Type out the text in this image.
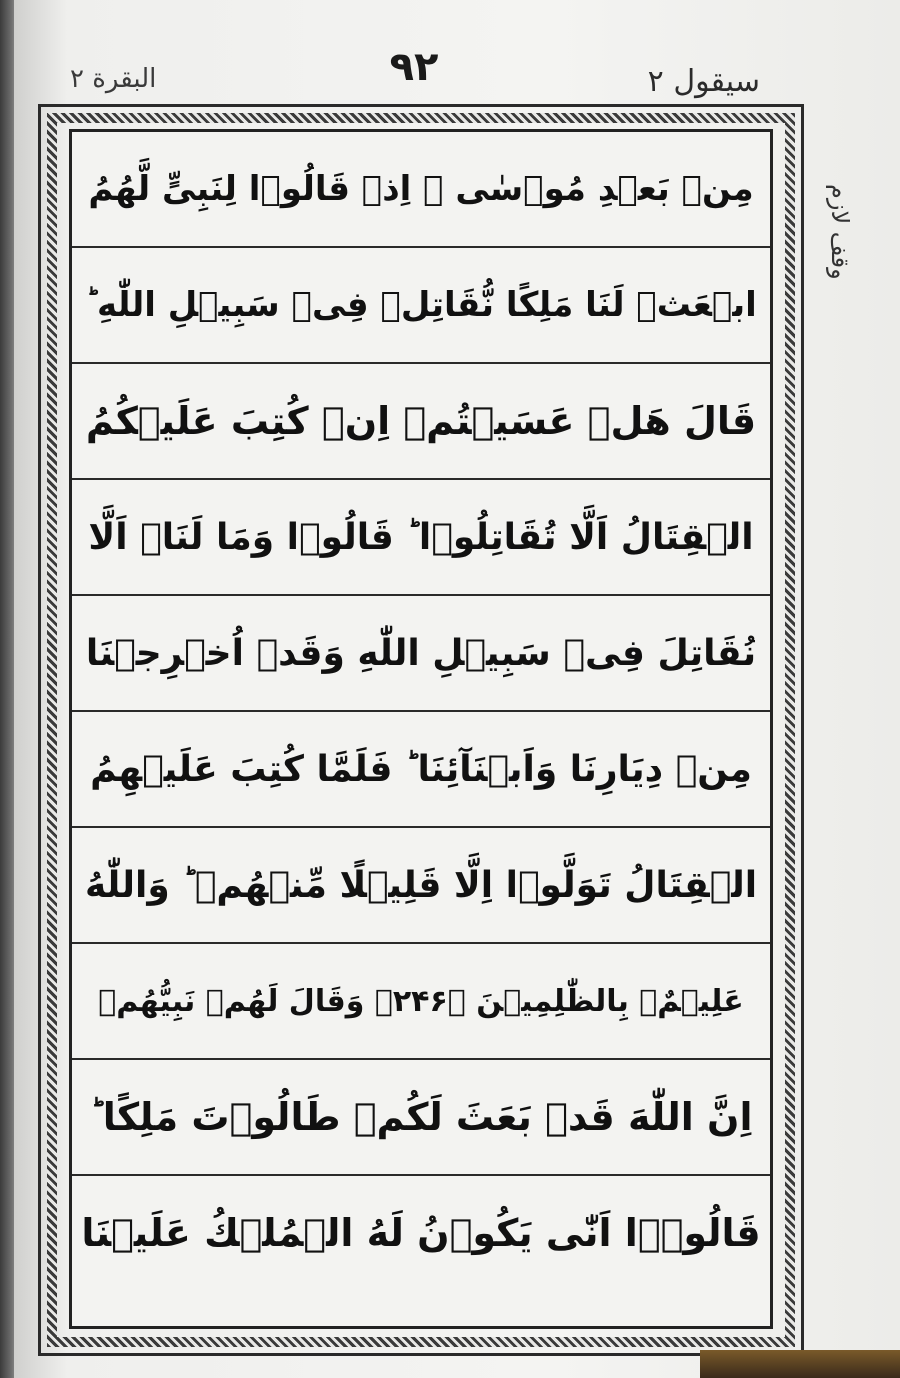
سیقول ٢
٩٢
البقرة ٢
وقف لازم
مِنۡ بَعۡدِ مُوۡسٰی ۘ اِذۡ قَالُوۡا لِنَبِیٍّ لَّهُمُ
ابۡعَثۡ لَنَا مَلِکًا نُّقَاتِلۡ فِیۡ سَبِیۡلِ اللّٰهِ ؕ
قَالَ هَلۡ عَسَیۡتُمۡ اِنۡ كُتِبَ عَلَیۡكُمُ
الۡقِتَالُ اَلَّا تُقَاتِلُوۡا ؕ قَالُوۡا وَمَا لَنَاۤ اَلَّا
نُقَاتِلَ فِیۡ سَبِیۡلِ اللّٰهِ وَقَدۡ اُخۡرِجۡنَا
مِنۡ دِیَارِنَا وَاَبۡنَآئِنَا ؕ فَلَمَّا كُتِبَ عَلَیۡهِمُ
الۡقِتَالُ تَوَلَّوۡا اِلَّا قَلِیۡلًا مِّنۡهُمۡ ؕ وَاللّٰهُ
عَلِیۡمٌۢ بِالظّٰلِمِیۡنَ ﴿۲۴۶﴾ وَقَالَ لَهُمۡ نَبِیُّهُمۡ
اِنَّ اللّٰهَ قَدۡ بَعَثَ لَكُمۡ طَالُوۡتَ مَلِکًا ؕ
قَالُوۡۤا اَنّٰی یَكُوۡنُ لَهُ الۡمُلۡكُ عَلَیۡنَا
